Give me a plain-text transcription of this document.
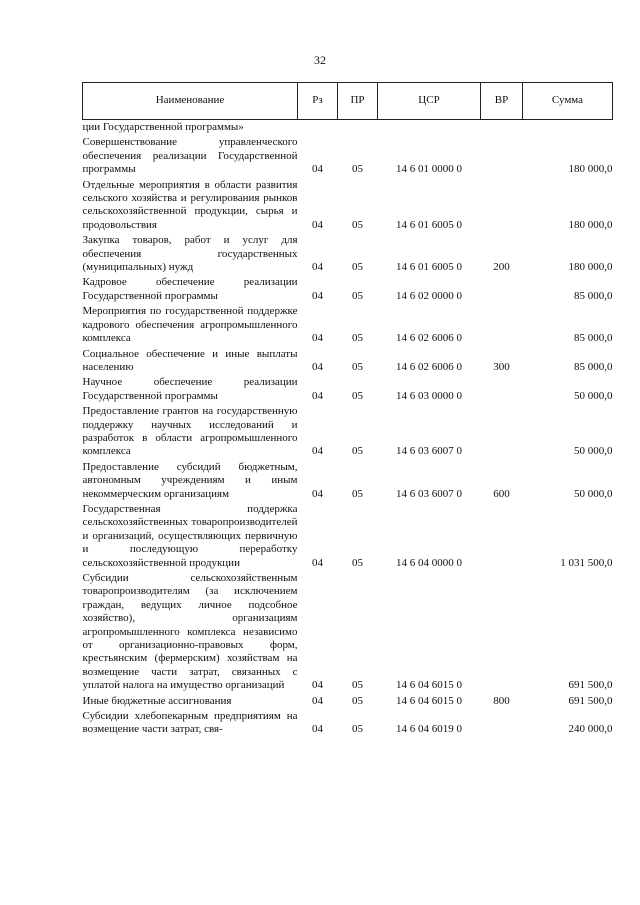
32
Наименование	Рз	ПР	ЦСР	ВР	Сумма
ции Государственной программы»					
Совершенствование управленческого обеспечения реализации Государственной программы	04	05	14 6 01 0000 0		180 000,0
Отдельные мероприятия в области развития сельского хозяйства и регулирования рынков сельскохозяйственной продукции, сырья и продовольствия	04	05	14 6 01 6005 0		180 000,0
Закупка товаров, работ и услуг для обеспечения государственных (муниципальных) нужд	04	05	14 6 01 6005 0	200	180 000,0
Кадровое обеспечение реализации Государственной программы	04	05	14 6 02 0000 0		85 000,0
Мероприятия по государственной поддержке кадрового обеспечения агропромышленного комплекса	04	05	14 6 02 6006 0		85 000,0
Социальное обеспечение и иные выплаты населению	04	05	14 6 02 6006 0	300	85 000,0
Научное обеспечение реализации Государственной программы	04	05	14 6 03 0000 0		50 000,0
Предоставление грантов на государственную поддержку научных исследований и разработок в области агропромышленного комплекса	04	05	14 6 03 6007 0		50 000,0
Предоставление субсидий бюджетным, автономным учреждениям и иным некоммерческим организациям	04	05	14 6 03 6007 0	600	50 000,0
Государственная поддержка сельскохозяйственных товаропроизводителей и организаций, осуществляющих первичную и последующую переработку сельскохозяйственной продукции	04	05	14 6 04 0000 0		1 031 500,0
Субсидии сельскохозяйственным товаропроизводителям (за исключением граждан, ведущих личное подсобное хозяйство), организациям агропромышленного комплекса независимо от организационно-правовых форм, крестьянским (фермерским) хозяйствам на возмещение части затрат, связанных с уплатой налога на имущество организаций	04	05	14 6 04 6015 0		691 500,0
Иные бюджетные ассигнования	04	05	14 6 04 6015 0	800	691 500,0
Субсидии хлебопекарным предприятиям на возмещение части затрат, свя-	04	05	14 6 04 6019 0		240 000,0
